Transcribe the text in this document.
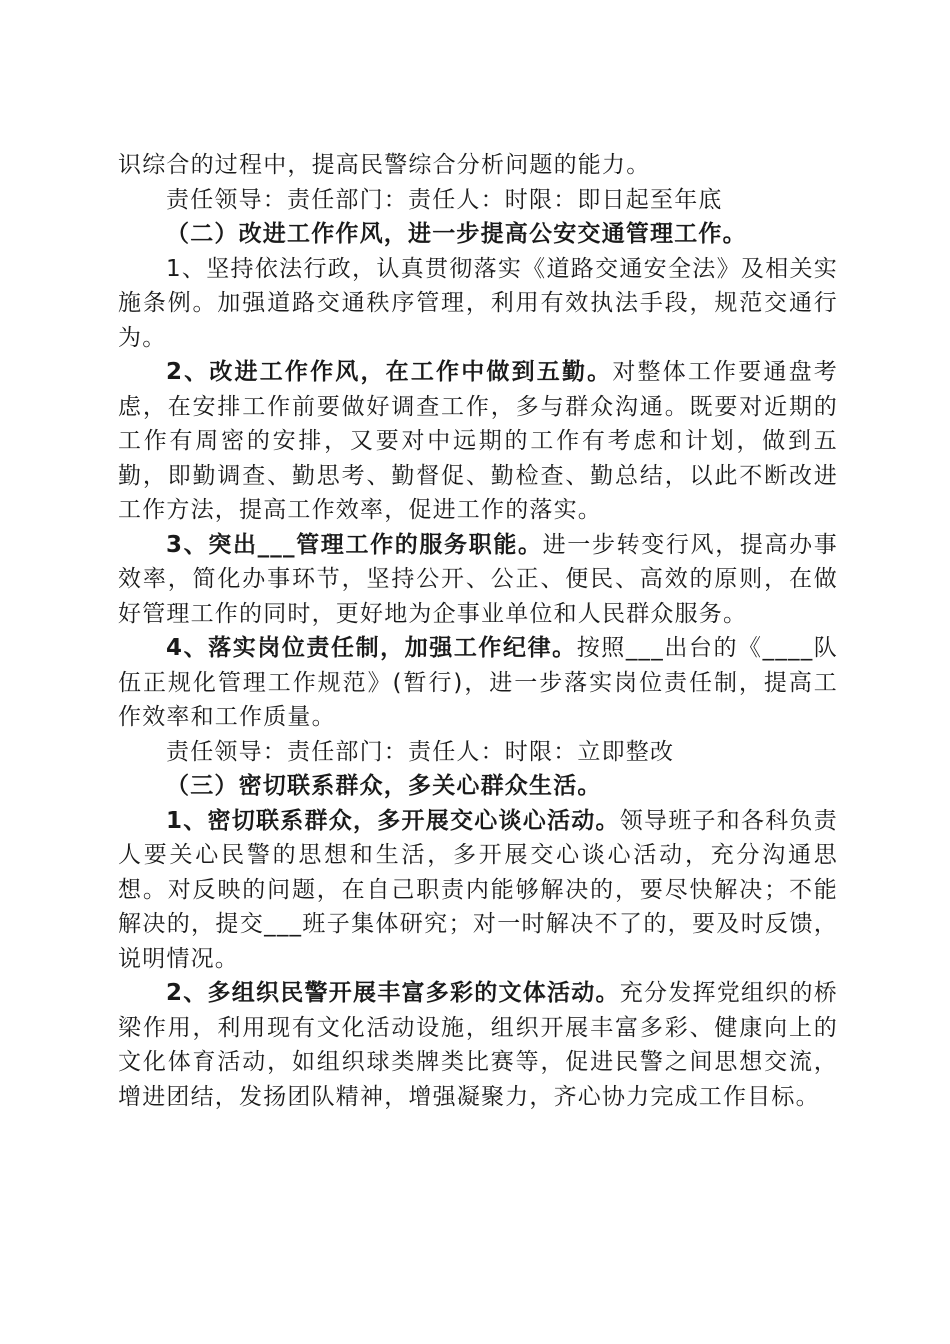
识综合的过程中，提高民警综合分析问题的能力。

责任领导：责任部门：责任人：时限：即日起至年底

（二）改进工作作风，进一步提高公安交通管理工作。

1、坚持依法行政，认真贯彻落实《道路交通安全法》及相关实施条例。加强道路交通秩序管理，利用有效执法手段，规范交通行为。

2、改进工作作风，在工作中做到五勤。对整体工作要通盘考虑，在安排工作前要做好调查工作，多与群众沟通。既要对近期的工作有周密的安排，又要对中远期的工作有考虑和计划，做到五勤，即勤调查、勤思考、勤督促、勤检查、勤总结，以此不断改进工作方法，提高工作效率，促进工作的落实。

3、突出___管理工作的服务职能。进一步转变行风，提高办事效率，简化办事环节，坚持公开、公正、便民、高效的原则，在做好管理工作的同时，更好地为企事业单位和人民群众服务。

4、落实岗位责任制，加强工作纪律。按照___出台的《____队伍正规化管理工作规范》(暂行)，进一步落实岗位责任制，提高工作效率和工作质量。

责任领导：责任部门：责任人：时限：立即整改

（三）密切联系群众，多关心群众生活。

1、密切联系群众，多开展交心谈心活动。领导班子和各科负责人要关心民警的思想和生活，多开展交心谈心活动，充分沟通思想。对反映的问题，在自己职责内能够解决的，要尽快解决；不能解决的，提交___班子集体研究；对一时解决不了的，要及时反馈，说明情况。

2、多组织民警开展丰富多彩的文体活动。充分发挥党组织的桥梁作用，利用现有文化活动设施，组织开展丰富多彩、健康向上的文化体育活动，如组织球类牌类比赛等，促进民警之间思想交流，增进团结，发扬团队精神，增强凝聚力，齐心协力完成工作目标。
